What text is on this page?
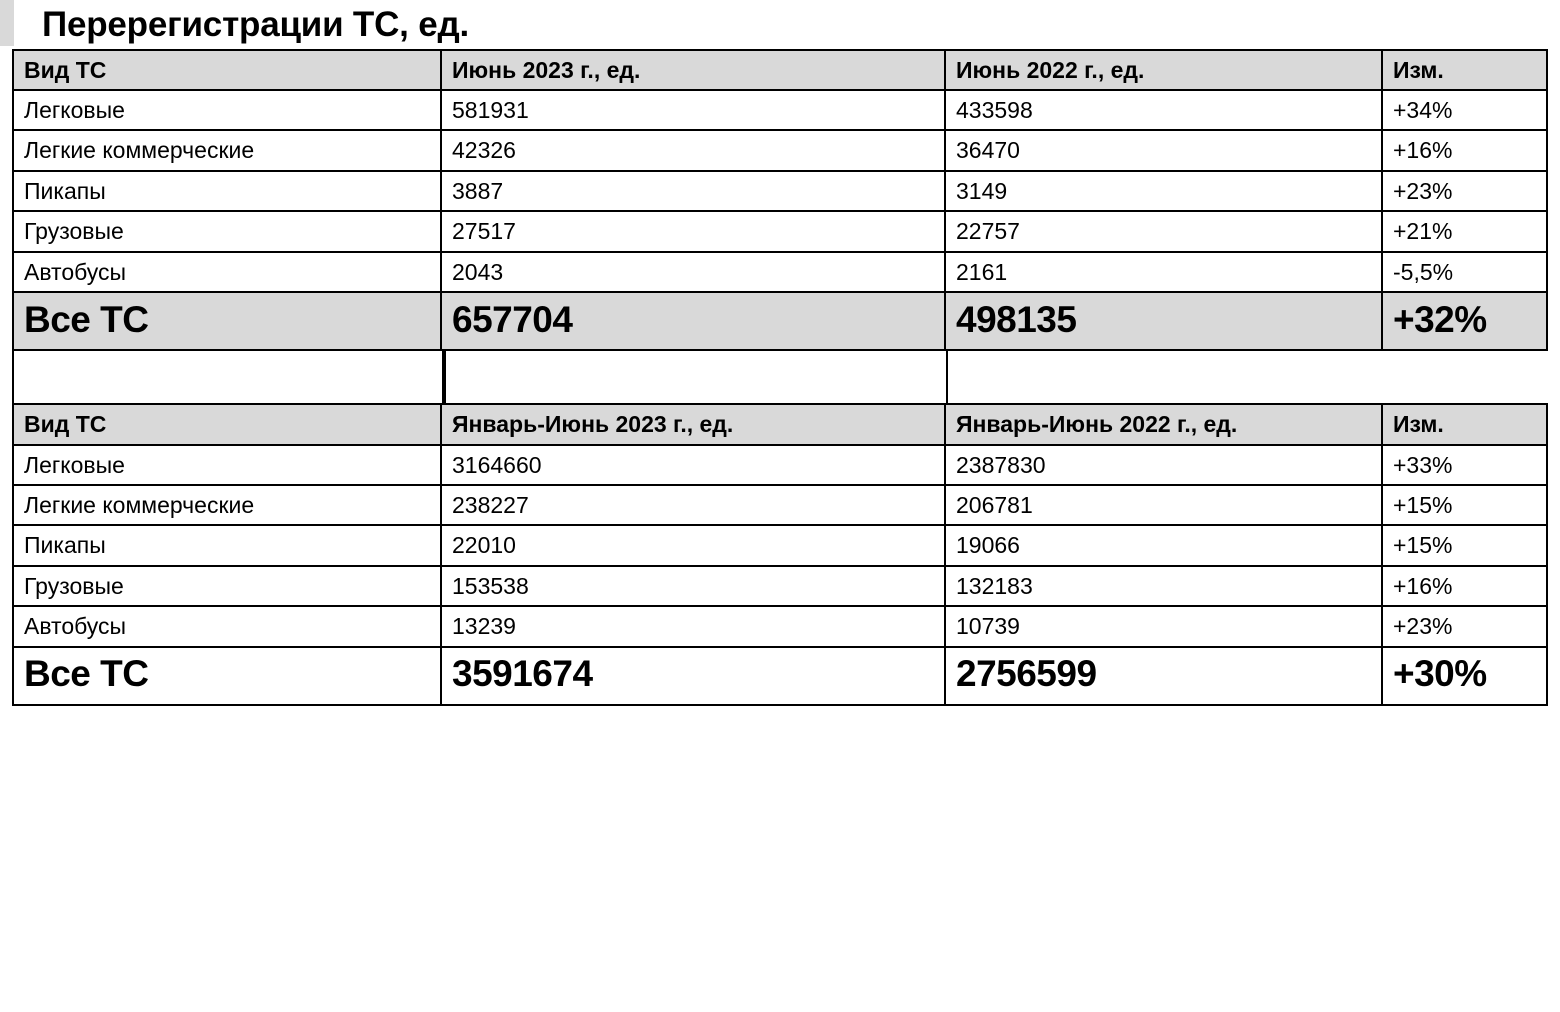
Перерегистрации ТС, ед.
Вид ТС	Июнь 2023 г., ед.	Июнь 2022 г., ед.	Изм.
Легковые	581931	433598	+34%
Легкие коммерческие	42326	36470	+16%
Пикапы	3887	3149	+23%
Грузовые	27517	22757	+21%
Автобусы	2043	2161	-5,5%
Все ТС	657704	498135	+32%
Вид ТС	Январь-Июнь 2023 г., ед.	Январь-Июнь 2022 г., ед.	Изм.
Легковые	3164660	2387830	+33%
Легкие коммерческие	238227	206781	+15%
Пикапы	22010	19066	+15%
Грузовые	153538	132183	+16%
Автобусы	13239	10739	+23%
Все ТС	3591674	2756599	+30%
